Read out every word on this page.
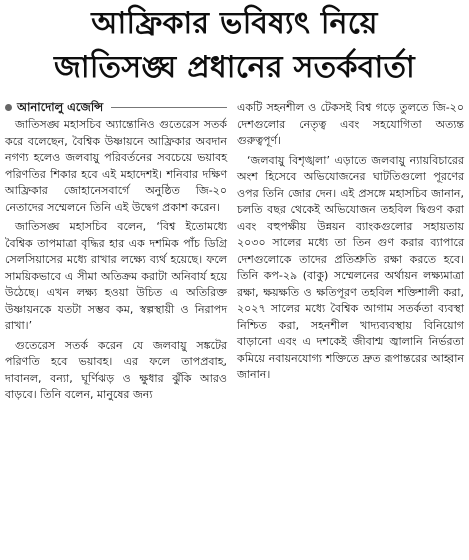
আফ্রিকার ভবিষ্যৎ নিয়ে
জাতিসঙ্ঘ প্রধানের সতর্কবার্তা
আনাদোলু এজেন্সি

জাতিসঙ্ঘ মহাসচিব অ্যান্তোনিও গুতেরেস সতর্ক করে বলেছেন, বৈশ্বিক উষ্ণায়নে আফ্রিকার অবদান নগণ্য হলেও জলবায়ু পরিবর্তনের সবচেয়ে ভয়াবহ পরিণতির শিকার হবে এই মহাদেশই। শনিবার দক্ষিণ আফ্রিকার জোহানেসবার্গে অনুষ্ঠিত জি-২০ নেতাদের সম্মেলনে তিনি এই উদ্বেগ প্রকাশ করেন।

জাতিসঙ্ঘ মহাসচিব বলেন, ‘বিশ্ব ইতোমধ্যে বৈশ্বিক তাপমাত্রা বৃদ্ধির হার এক দশমিক পাঁচ ডিগ্রি সেলসিয়াসের মধ্যে রাখার লক্ষ্যে ব্যর্থ হয়েছে। ফলে সাময়িকভাবে এ সীমা অতিক্রম করাটা অনিবার্য হয়ে উঠেছে। এখন লক্ষ্য হওয়া উচিত এ অতিরিক্ত উষ্ণায়নকে যতটা সম্ভব কম, স্বল্পস্থায়ী ও নিরাপদ রাখা।’

গুতেরেস সতর্ক করেন যে জলবায়ু সঙ্কটের পরিণতি হবে ভয়াবহ। এর ফলে তাপপ্রবাহ, দাবানল, বন্যা, ঘূর্ণিঝড় ও ক্ষুধার ঝুঁকি আরও বাড়বে। তিনি বলেন, মানুষের জন্য

একটি সহনশীল ও টেকসই বিশ্ব গড়ে তুলতে জি-২০ দেশগুলোর নেতৃত্ব এবং সহযোগিতা অত্যন্ত গুরুত্বপূর্ণ।

‘জলবায়ু বিশৃঙ্খলা’ এড়াতে জলবায়ু ন্যায়বিচারের অংশ হিসেবে অভিযোজনের ঘাটতিগুলো পূরণের ওপর তিনি জোর দেন। এই প্রসঙ্গে মহাসচিব জানান, চলতি বছর থেকেই অভিযোজন তহবিল দ্বিগুণ করা এবং বহুপক্ষীয় উন্নয়ন ব্যাংকগুলোর সহায়তায় ২০৩০ সালের মধ্যে তা তিন গুণ করার ব্যাপারে দেশগুলোকে তাদের প্রতিশ্রুতি রক্ষা করতে হবে। তিনি কপ-২৯ (বাকু) সম্মেলনের অর্থায়ন লক্ষ্যমাত্রা রক্ষা, ক্ষয়ক্ষতি ও ক্ষতিপূরণ তহবিল শক্তিশালী করা, ২০২৭ সালের মধ্যে বৈশ্বিক আগাম সতর্কতা ব্যবস্থা নিশ্চিত করা, সহনশীল খাদ্যব্যবস্থায় বিনিয়োগ বাড়ানো এবং এ দশকেই জীবাশ্ম জ্বালানি নির্ভরতা কমিয়ে নবায়নযোগ্য শক্তিতে দ্রুত রূপান্তরের আহ্বান জানান।
